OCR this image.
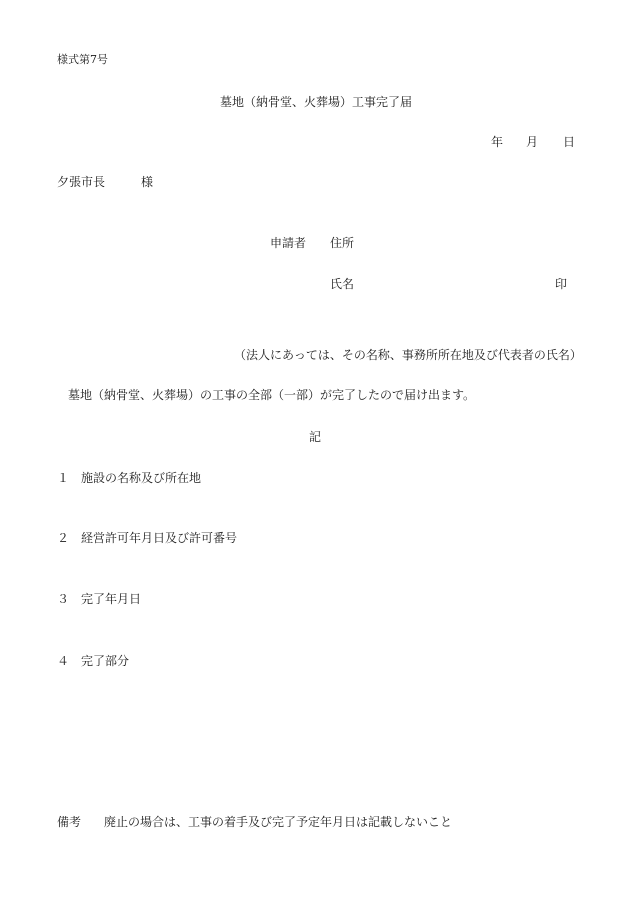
様式第7号
墓地（納骨堂、火葬場）工事完了届
年 月 日
夕張市長	様
申請者 住所
氏名	印
（法人にあっては、その名称、事務所所在地及び代表者の氏名）
墓地（納骨堂、火葬場）の工事の全部（一部）が完了したので届け出ます。
記
１ 施設の名称及び所在地
２ 経営許可年月日及び許可番号
３ 完了年月日
４ 完了部分
備考 廃止の場合は、工事の着手及び完了予定年月日は記載しないこと
